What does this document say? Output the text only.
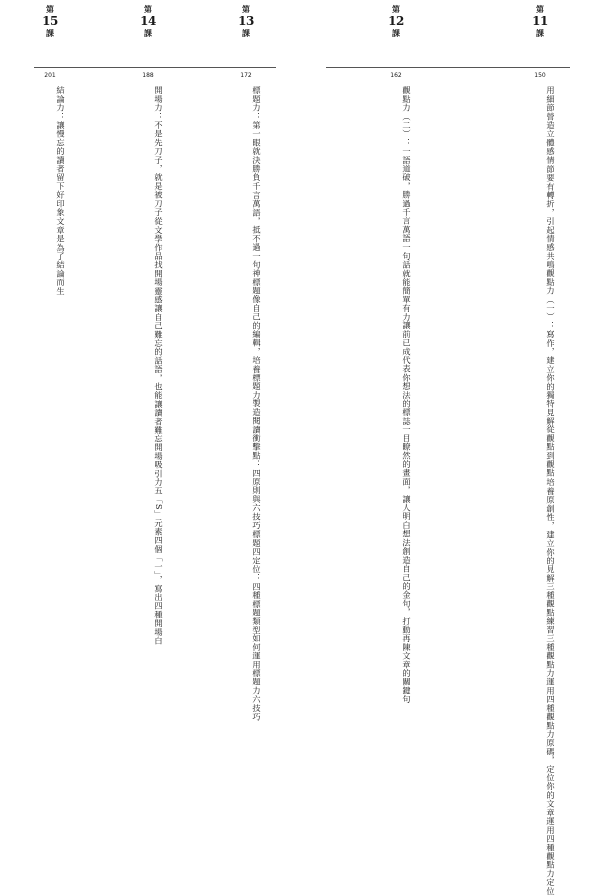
第
15
課
201
結論力：讓慢忘的讀者留下好印象
文章是為了結論而生
第
14
課
188
開場力：不是先刀子，就是被刀子
從文學作品找開場靈感
讓自己難忘的話語，也能讓讀者難忘
開場吸引力五「S」元素
四個「一」，寫出四種開場白
第
13
課
172
標題力：第一眼就決勝負
千言萬語，抵不過一句神標題
像自己的編輯，培養標題力
製造閱讀衝擊點：四原則與六技巧
標題四定位：四種標題類型
如何運用標題力六技巧
第
12
課
162
觀點力（二）：一語道破，勝過千言萬語
一句話就能簡單有力
讓前已成代表你想法的標誌
一目瞭然的畫面，讓人明白想法
創造自己的金句，打動再陳文章的關鍵句
第
11
課
150
用細節營造立體感
情節要有轉折，引起情感共鳴
觀點力（一）：寫作，建立你的獨特見解
從觀點到觀點
培養原創性，建立你的見解
三種觀點練習
三種觀點力運用
四種觀點力原碼，定位你的文章
運用四種觀點力定位
